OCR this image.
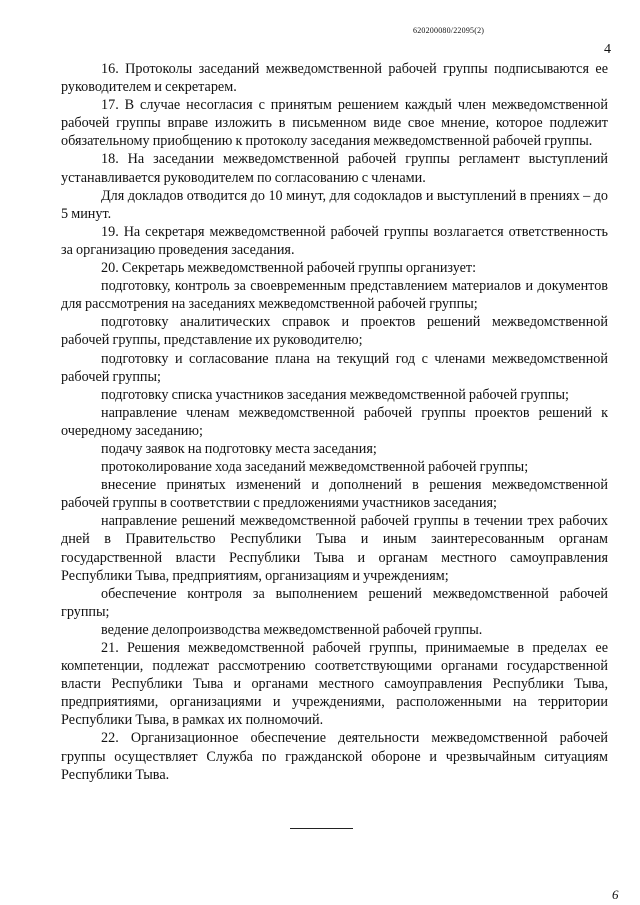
620200080/22095(2)
4

16. Протоколы заседаний межведомственной рабочей группы подписываются ее руководителем и секретарем.

17. В случае несогласия с принятым решением каждый член межведомственной рабочей группы вправе изложить в письменном виде свое мнение, которое подлежит обязательному приобщению к протоколу заседания межведомственной рабочей группы.

18. На заседании межведомственной рабочей группы регламент выступлений устанавливается руководителем по согласованию с членами.

Для докладов отводится до 10 минут, для содокладов и выступлений в прениях – до 5 минут.

19. На секретаря межведомственной рабочей группы возлагается ответственность за организацию проведения заседания.

20. Секретарь межведомственной рабочей группы организует:

подготовку, контроль за своевременным представлением материалов и документов для рассмотрения на заседаниях межведомственной рабочей группы;

подготовку аналитических справок и проектов решений межведомственной рабочей группы, представление их руководителю;

подготовку и согласование плана на текущий год с членами межведомственной рабочей группы;

подготовку списка участников заседания межведомственной рабочей группы;

направление членам межведомственной рабочей группы проектов решений к очередному заседанию;

подачу заявок на подготовку места заседания;

протоколирование хода заседаний межведомственной рабочей группы;

внесение принятых изменений и дополнений в решения межведомственной рабочей группы в соответствии с предложениями участников заседания;

направление решений межведомственной рабочей группы в течении трех рабочих дней в Правительство Республики Тыва и иным заинтересованным органам государственной власти Республики Тыва и органам местного самоуправления Республики Тыва, предприятиям, организациям и учреждениям;

обеспечение контроля за выполнением решений межведомственной рабочей группы;

ведение делопроизводства межведомственной рабочей группы.

21. Решения межведомственной рабочей группы, принимаемые в пределах ее компетенции, подлежат рассмотрению соответствующими органами государственной власти Республики Тыва и органами местного самоуправления Республики Тыва, предприятиями, организациями и учреждениями, расположенными на территории Республики Тыва, в рамках их полномочий.

22. Организационное обеспечение деятельности межведомственной рабочей группы осуществляет Служба по гражданской обороне и чрезвычайным ситуациям Республики Тыва.

6
